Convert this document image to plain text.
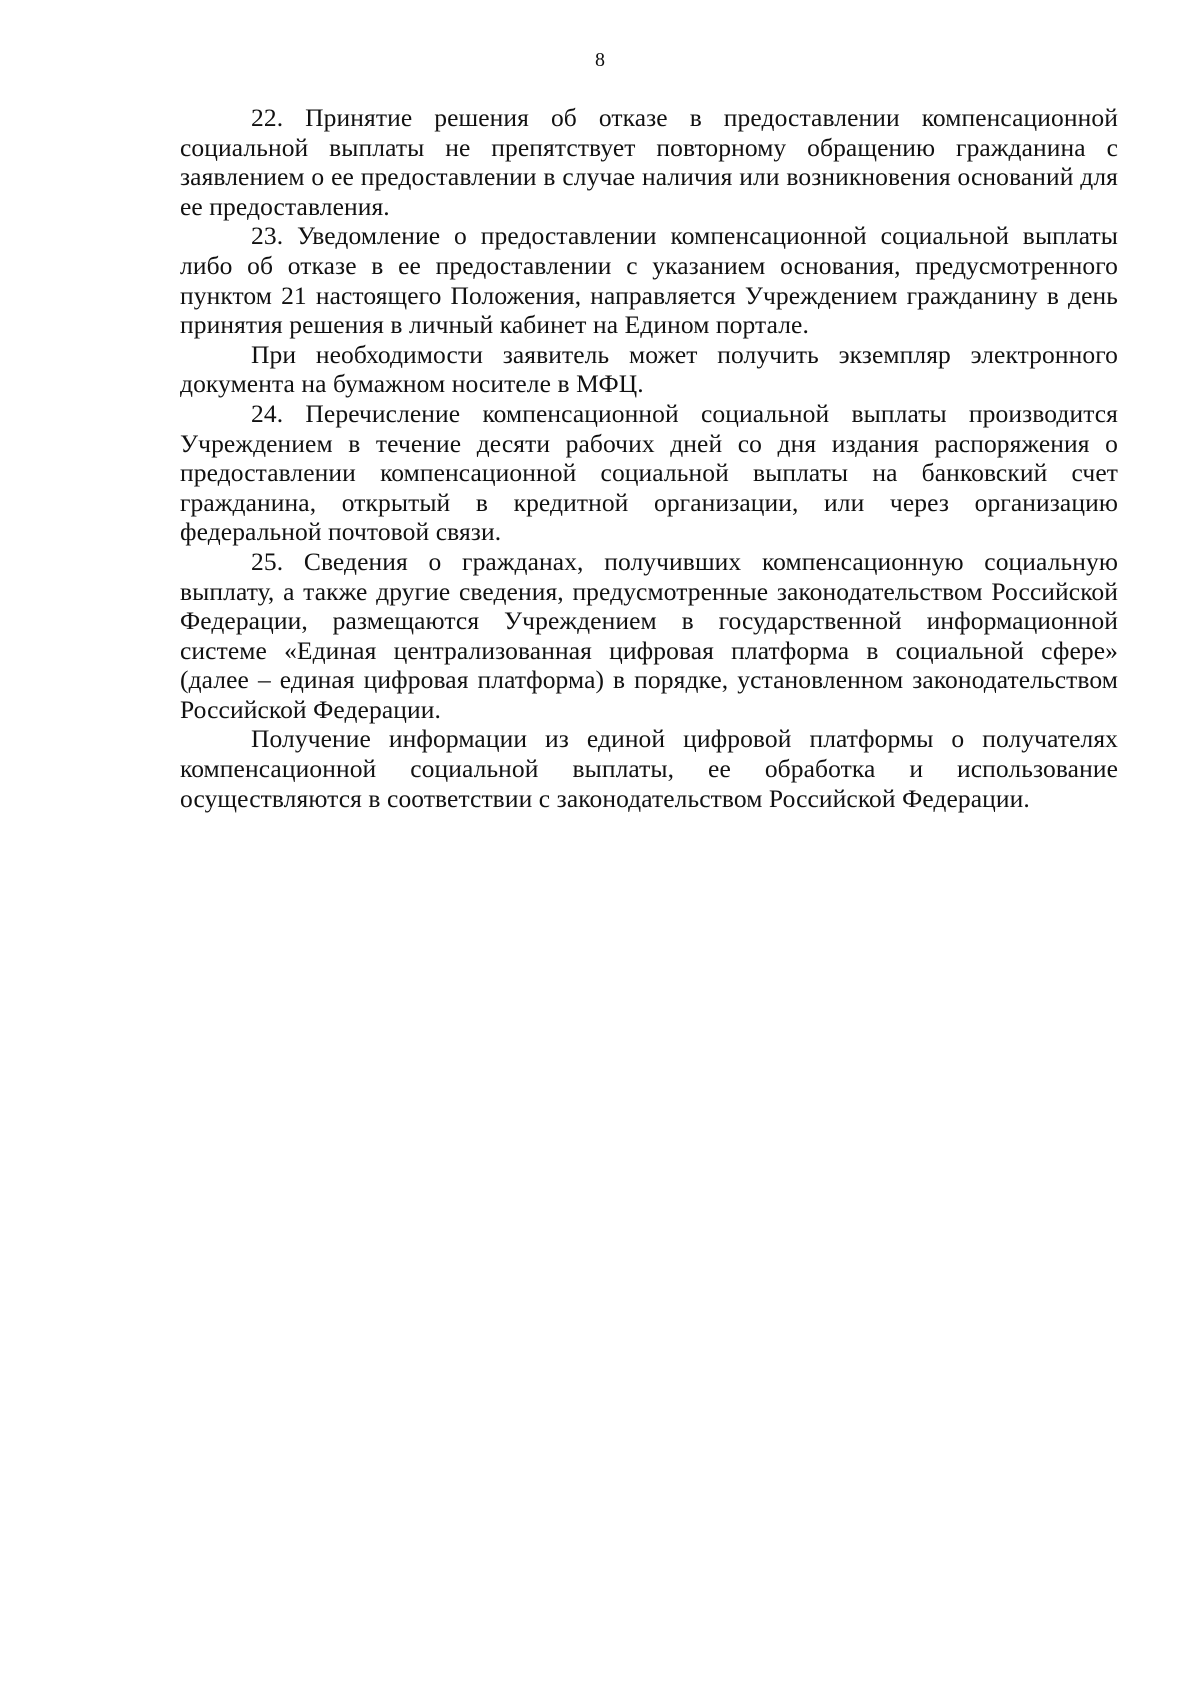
8

22. Принятие решения об отказе в предоставлении компенсационной социальной выплаты не препятствует повторному обращению гражданина с заявлением о ее предоставлении в случае наличия или возникновения оснований для ее предоставления.

23. Уведомление о предоставлении компенсационной социальной выплаты либо об отказе в ее предоставлении с указанием основания, предусмотренного пунктом 21 настоящего Положения, направляется Учреждением гражданину в день принятия решения в личный кабинет на Едином портале.

При необходимости заявитель может получить экземпляр электронного документа на бумажном носителе в МФЦ.

24. Перечисление компенсационной социальной выплаты производится Учреждением в течение десяти рабочих дней со дня издания распоряжения о предоставлении компенсационной социальной выплаты на банковский счет гражданина, открытый в кредитной организации, или через организацию федеральной почтовой связи.

25. Сведения о гражданах, получивших компенсационную социальную выплату, а также другие сведения, предусмотренные законодательством Российской Федерации, размещаются Учреждением в государственной информационной системе «Единая централизованная цифровая платформа в социальной сфере» (далее – единая цифровая платформа) в порядке, установленном законодательством Российской Федерации.

Получение информации из единой цифровой платформы о получателях компенсационной социальной выплаты, ее обработка и использование осуществляются в соответствии с законодательством Российской Федерации.
